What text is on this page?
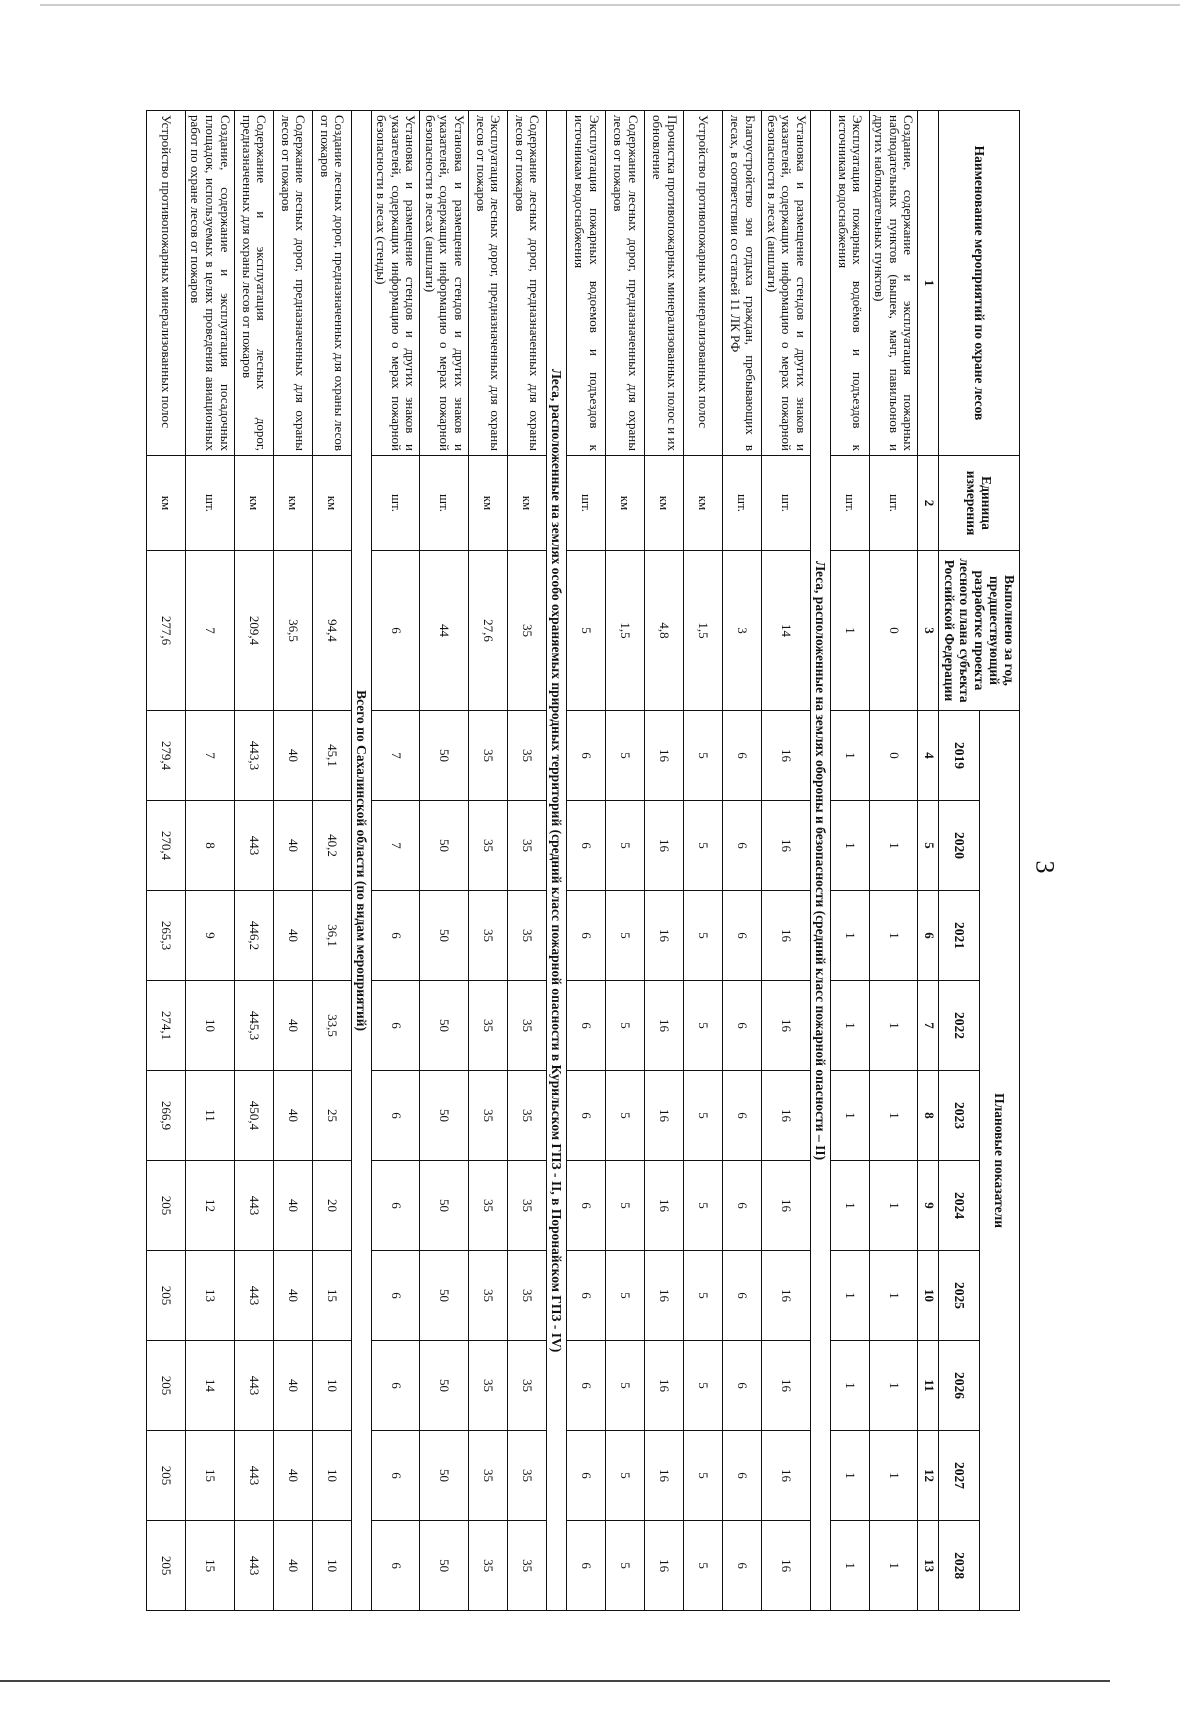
3
Наименование мероприятий по охране лесов	Единица измерения	Выполнено за год, предшествующий разработке проекта лесного плана субъекта Российской Федерации	Плановые показатели									
			2019	2020	2021	2022	2023	2024	2025	2026	2027	2028
1	2	3	4	5	6	7	8	9	10	11	12	13
Создание, содержание и эксплуатация пожарных наблюдательных пунктов (вышек, мачт, павильонов и других наблюдательных пунктов)	шт.	0	0	1	1	1	1	1	1	1	1	1
Эксплуатация пожарных водоёмов и подъездов к источникам водоснабжения	шт.	1	1	1	1	1	1	1	1	1	1	1
Леса, расположенные на землях обороны и безопасности (средний класс пожарной опасности – II)												
Установка и размещение стендов и других знаков и указателей, содержащих информацию о мерах пожарной безопасности в лесах (аншлаги)	шт.	14	16	16	16	16	16	16	16	16	16	16
Благоустройство зон отдыха граждан, пребывающих в лесах, в соответствии со статьей 11 ЛК РФ	шт.	3	6	6	6	6	6	6	6	6	6	6
Устройство противопожарных минерализованных полос	км	1,5	5	5	5	5	5	5	5	5	5	5
Прочистка противопожарных минерализованных полос и их обновление	км	4,8	16	16	16	16	16	16	16	16	16	16
Содержание лесных дорог, предназначенных для охраны лесов от пожаров	км	1,5	5	5	5	5	5	5	5	5	5	5
Эксплуатация пожарных водоемов и подъездов к источникам водоснабжения	шт.	5	6	6	6	6	6	6	6	6	6	6
Леса, расположенные на землях особо охраняемых природных территорий (средний класс пожарной опасности в Курильском ГПЗ - II, в Поронайском ГПЗ - IV)												
Содержание лесных дорог, предназначенных для охраны лесов от пожаров	км	35	35	35	35	35	35	35	35	35	35	35
Эксплуатация лесных дорог, предназначенных для охраны лесов от пожаров	км	27,6	35	35	35	35	35	35	35	35	35	35
Установка и размещение стендов и других знаков и указателей, содержащих информацию о мерах пожарной безопасности в лесах (аншлаги)	шт.	44	50	50	50	50	50	50	50	50	50	50
Установка и размещение стендов и других знаков и указателей, содержащих информацию о мерах пожарной безопасности в лесах (стенды)	шт.	6	7	7	6	6	6	6	6	6	6	6
Всего по Сахалинской области (по видам мероприятий)												
Создание лесных дорог, предназначенных для охраны лесов от пожаров	км	94,4	45,1	40,2	36,1	33,5	25	20	15	10	10	10
Содержание лесных дорог, предназначенных для охраны лесов от пожаров	км	36,5	40	40	40	40	40	40	40	40	40	40
Содержание и эксплуатация лесных дорог, предназначенных для охраны лесов от пожаров	км	209,4	443,3	443	446,2	445,3	450,4	443	443	443	443	443
Создание, содержание и эксплуатация посадочных площадок, используемых в целях проведения авиационных работ по охране лесов от пожаров	шт.	7	7	8	9	10	11	12	13	14	15	15
Устройство противопожарных минерализованных полос	км	277,6	279,4	270,4	265,3	274,1	266,9	205	205	205	205	205
